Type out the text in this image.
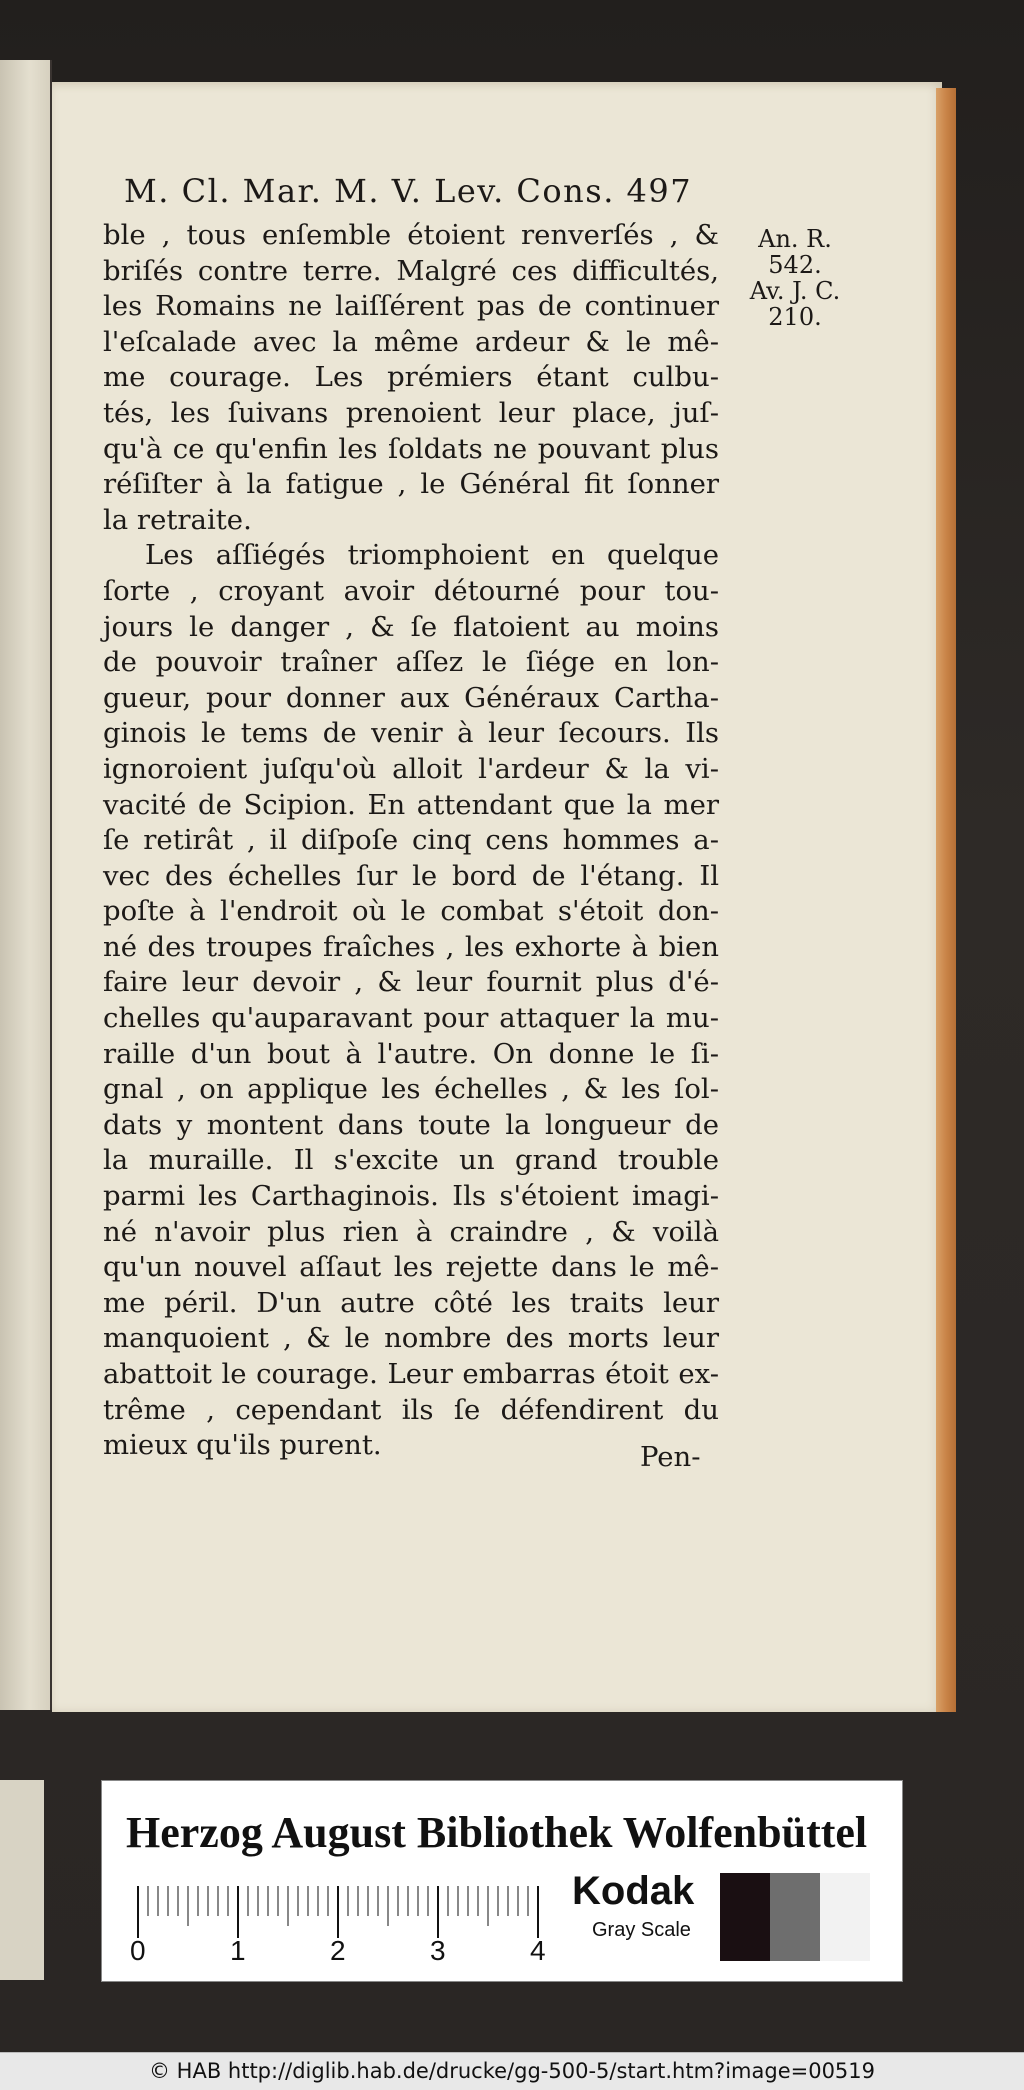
M. Cl. Mar. M. V. Lev. Cons. 497
An. R.
542.
Av. J. C.
210.

ble , tous enſemble étoient renverſés , &

briſés contre terre. Malgré ces difficultés,

les Romains ne laiſſérent pas de continuer

l'eſcalade avec la même ardeur & le mê-

me courage. Les prémiers étant culbu-

tés, les ſuivans prenoient leur place, juſ-

qu'à ce qu'enfin les ſoldats ne pouvant plus

réſiſter à la fatigue , le Général fit ſonner

la retraite.

Les aſſiégés triomphoient en quelque

ſorte , croyant avoir détourné pour tou-

jours le danger , & ſe flatoient au moins

de pouvoir traîner aſſez le ſiége en lon-

gueur, pour donner aux Généraux Cartha-

ginois le tems de venir à leur ſecours. Ils

ignoroient juſqu'où alloit l'ardeur & la vi-

vacité de Scipion. En attendant que la mer

ſe retirât , il diſpoſe cinq cens hommes a-

vec des échelles ſur le bord de l'étang. Il

poſte à l'endroit où le combat s'étoit don-

né des troupes fraîches , les exhorte à bien

faire leur devoir , & leur fournit plus d'é-

chelles qu'auparavant pour attaquer la mu-

raille d'un bout à l'autre. On donne le ſi-

gnal , on applique les échelles , & les ſol-

dats y montent dans toute la longueur de

la muraille. Il s'excite un grand trouble

parmi les Carthaginois. Ils s'étoient imagi-

né n'avoir plus rien à craindre , & voilà

qu'un nouvel aſſaut les rejette dans le mê-

me péril. D'un autre côté les traits leur

manquoient , & le nombre des morts leur

abattoit le courage. Leur embarras étoit ex-

trême , cependant ils ſe défendirent du

mieux qu'ils purent.	Pen-
Herzog August Bibliothek Wolfenbüttel
0	1	2	3	4
Kodak
Gray Scale
© HAB http://diglib.hab.de/drucke/gg-500-5/start.htm?image=00519
